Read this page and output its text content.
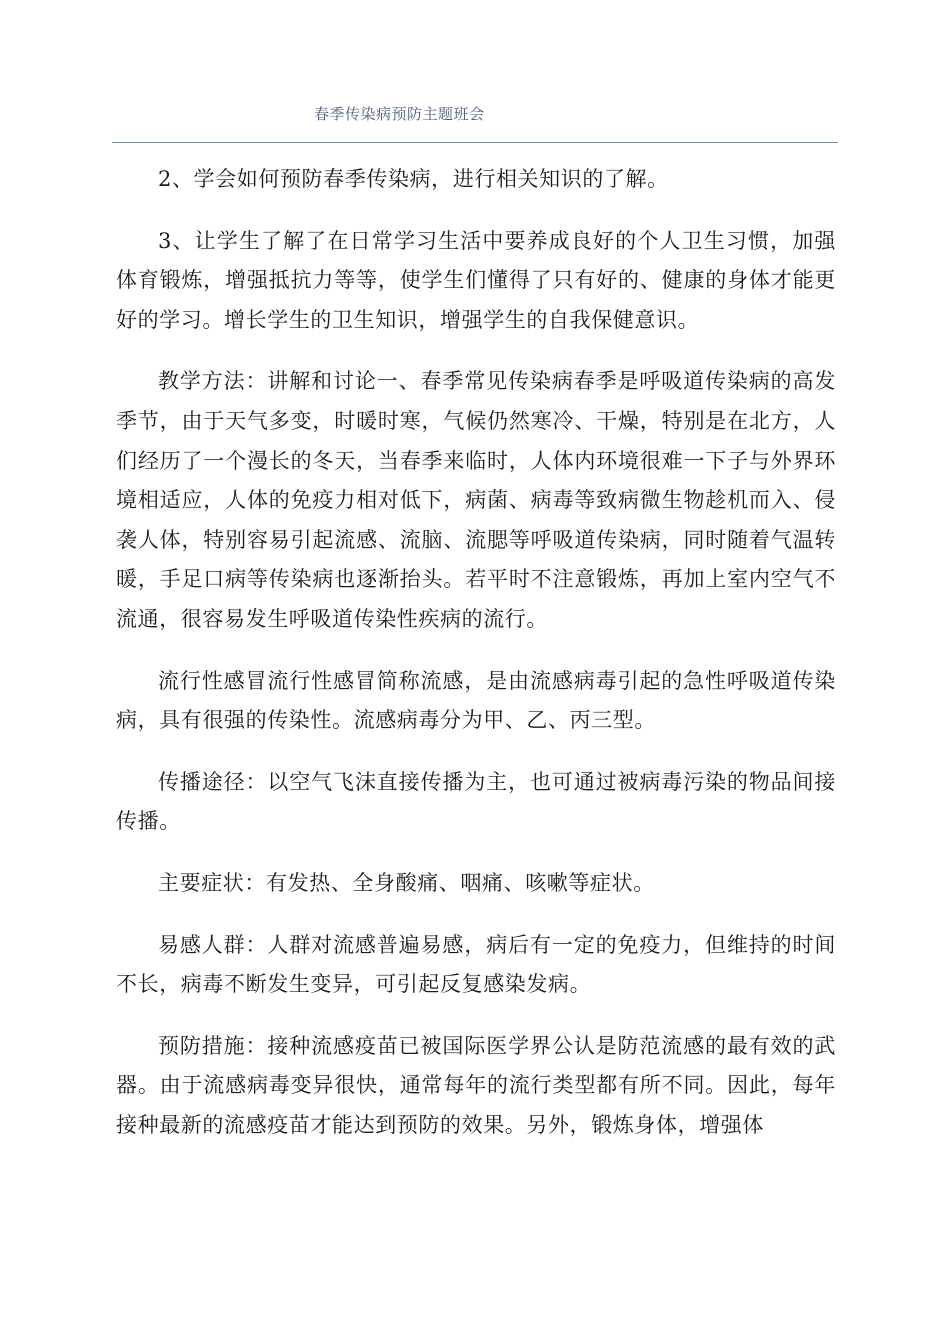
春季传染病预防主题班会

2、学会如何预防春季传染病，进行相关知识的了解。

3、让学生了解了在日常学习生活中要养成良好的个人卫生习惯，加强体育锻炼，增强抵抗力等等，使学生们懂得了只有好的、健康的身体才能更好的学习。增长学生的卫生知识，增强学生的自我保健意识。

教学方法：讲解和讨论一、春季常见传染病春季是呼吸道传染病的高发季节，由于天气多变，时暖时寒，气候仍然寒冷、干燥，特别是在北方，人们经历了一个漫长的冬天，当春季来临时，人体内环境很难一下子与外界环境相适应，人体的免疫力相对低下，病菌、病毒等致病微生物趁机而入、侵袭人体，特别容易引起流感、流脑、流腮等呼吸道传染病，同时随着气温转暖，手足口病等传染病也逐渐抬头。若平时不注意锻炼，再加上室内空气不流通，很容易发生呼吸道传染性疾病的流行。

流行性感冒流行性感冒简称流感，是由流感病毒引起的急性呼吸道传染病，具有很强的传染性。流感病毒分为甲、乙、丙三型。

传播途径：以空气飞沫直接传播为主，也可通过被病毒污染的物品间接传播。

主要症状：有发热、全身酸痛、咽痛、咳嗽等症状。

易感人群：人群对流感普遍易感，病后有一定的免疫力，但维持的时间不长，病毒不断发生变异，可引起反复感染发病。

预防措施：接种流感疫苗已被国际医学界公认是防范流感的最有效的武器。由于流感病毒变异很快，通常每年的流行类型都有所不同。因此，每年接种最新的流感疫苗才能达到预防的效果。另外，锻炼身体，增强体
